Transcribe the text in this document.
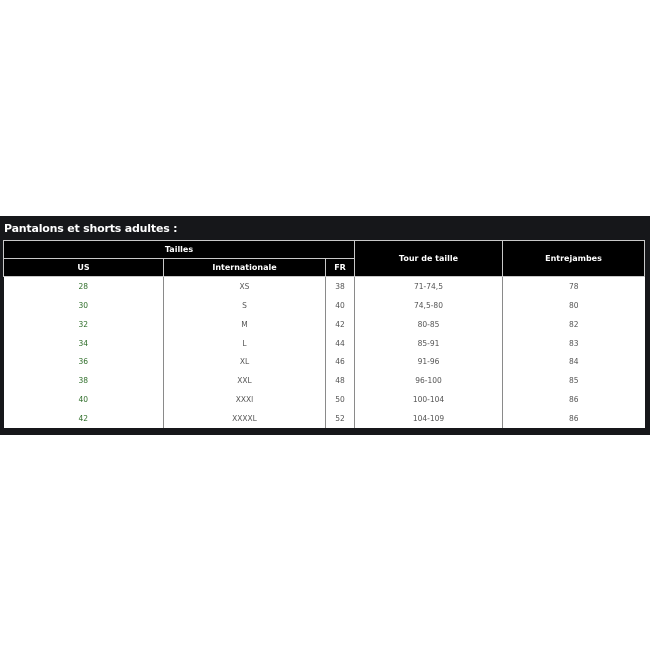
Pantalons et shorts adultes :
Tailles			Tour de taille	Entrejambes
US	Internationale	FR		
28	XS	38	71-74,5	78
30	S	40	74,5-80	80
32	M	42	80-85	82
34	L	44	85-91	83
36	XL	46	91-96	84
38	XXL	48	96-100	85
40	XXXl	50	100-104	86
42	XXXXL	52	104-109	86
